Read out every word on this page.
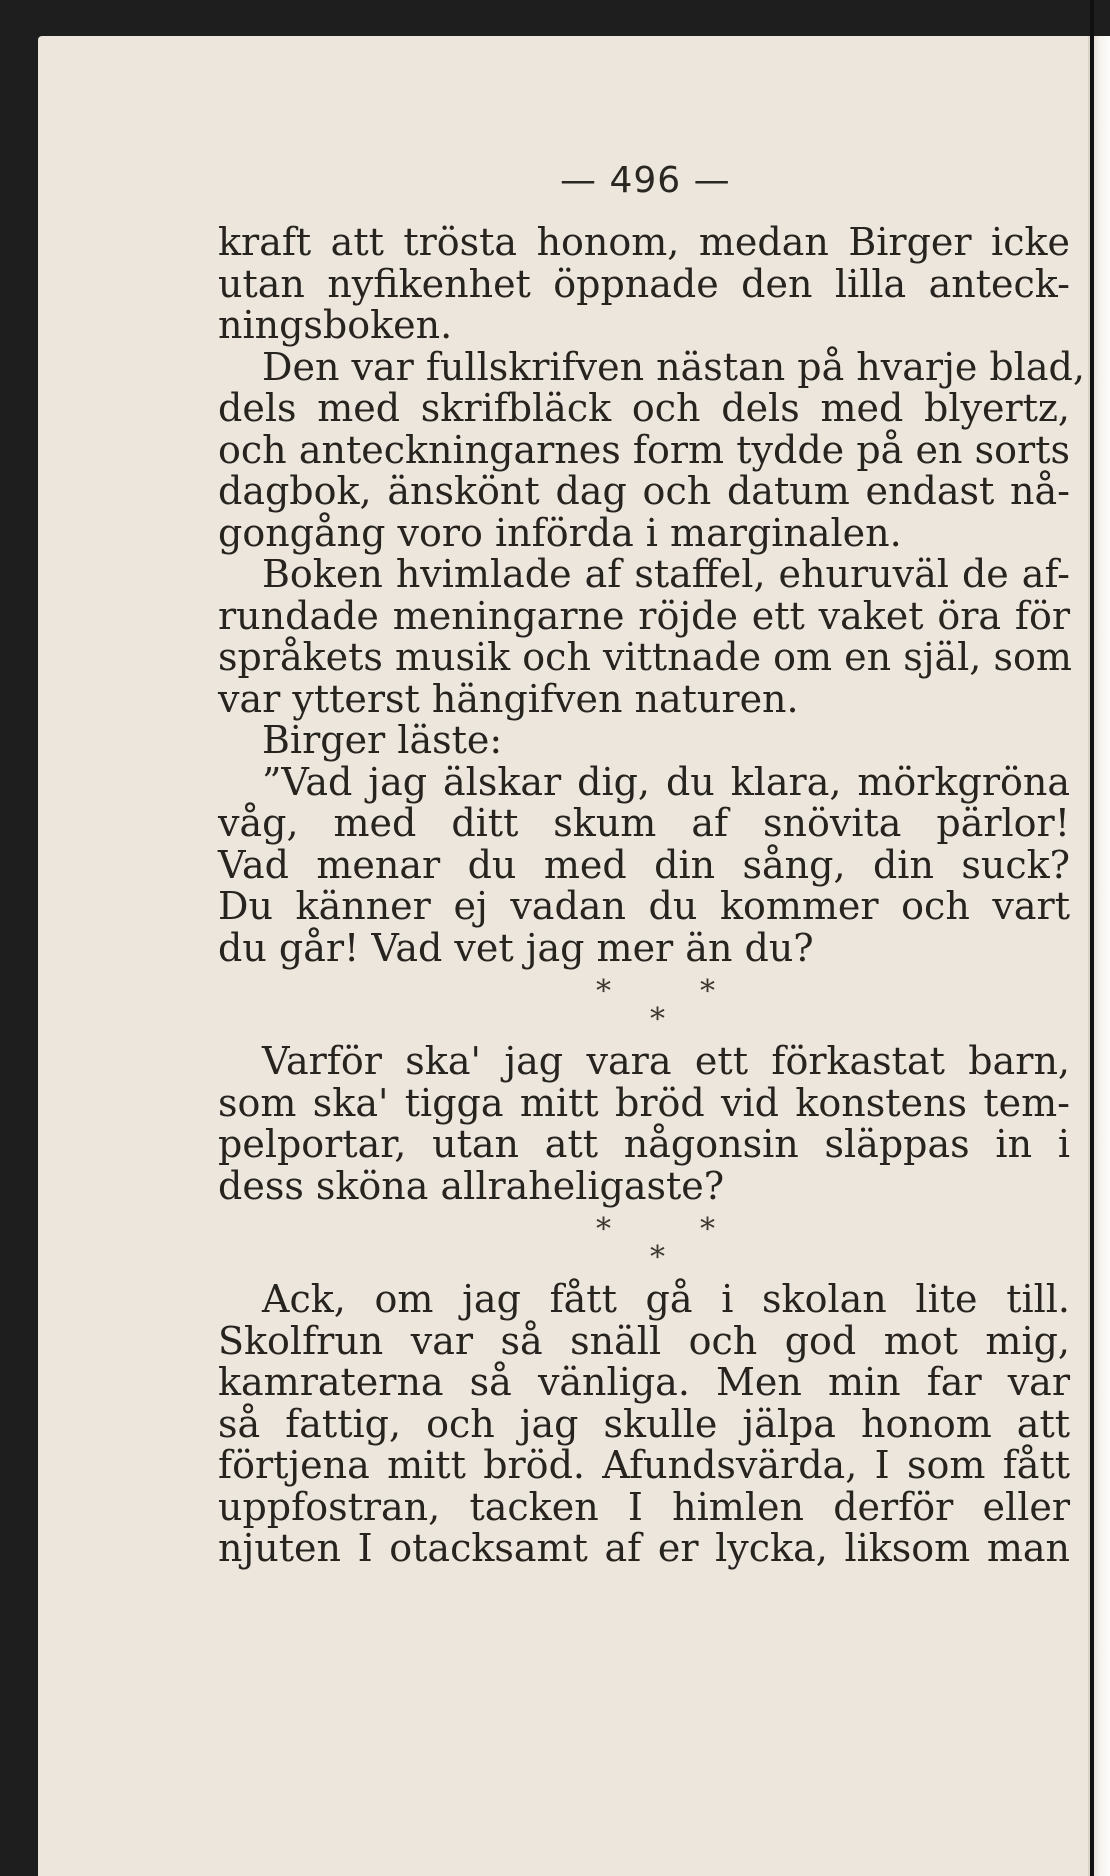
— 496 —
kraft att trösta honom, medan Birger icke
utan nyfikenhet öppnade den lilla anteck-
ningsboken.
Den var fullskrifven nästan på hvarje blad,
dels med skrifbläck och dels med blyertz,
och anteckningarnes form tydde på en sorts
dagbok, änskönt dag och datum endast nå-
gongång voro införda i marginalen.
Boken hvimlade af staffel, ehuruväl de af-
rundade meningarne röjde ett vaket öra för
språkets musik och vittnade om en själ, som
var ytterst hängifven naturen.
Birger läste:
”Vad jag älskar dig, du klara, mörkgröna
våg, med ditt skum af snövita pärlor!
Vad menar du med din sång, din suck?
Du känner ej vadan du kommer och vart
du går! Vad vet jag mer än du?
*	*
*
Varför ska' jag vara ett förkastat barn,
som ska' tigga mitt bröd vid konstens tem-
pelportar, utan att någonsin släppas in i
dess sköna allraheligaste?
*	*
*
Ack, om jag fått gå i skolan lite till.
Skolfrun var så snäll och god mot mig,
kamraterna så vänliga. Men min far var
så fattig, och jag skulle jälpa honom att
förtjena mitt bröd. Afundsvärda, I som fått
uppfostran, tacken I himlen derför eller
njuten I otacksamt af er lycka, liksom man
